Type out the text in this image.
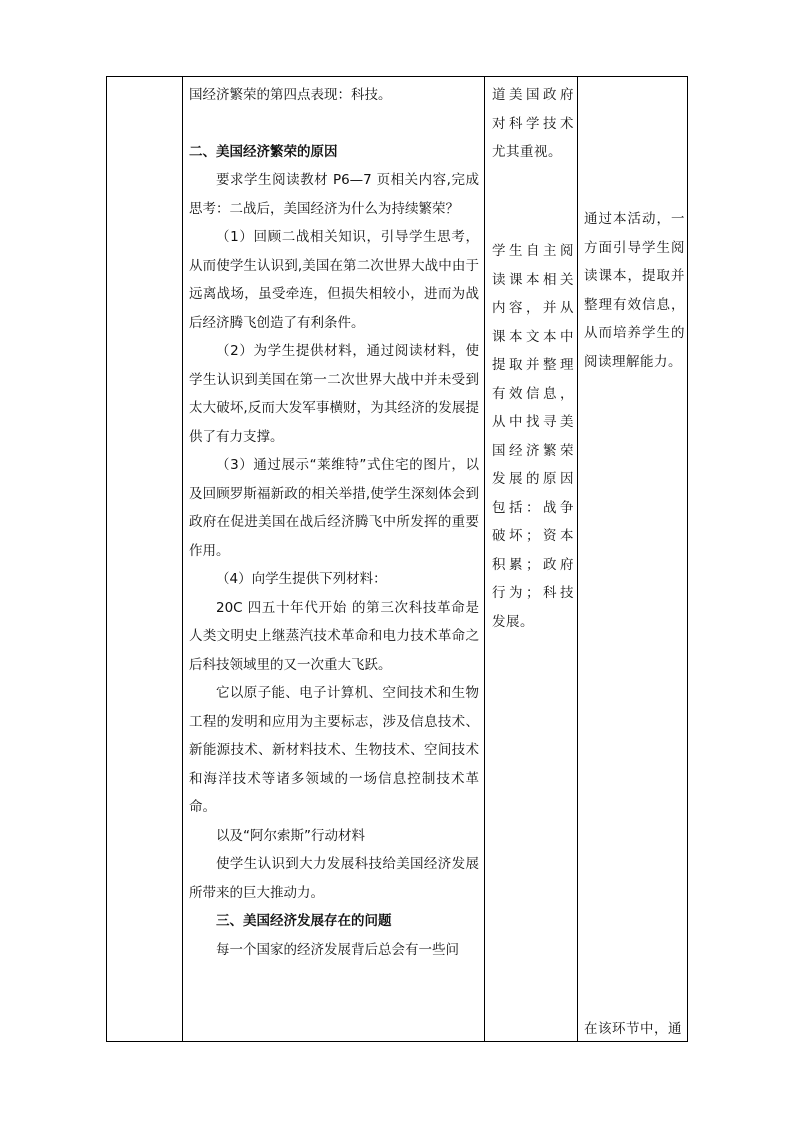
国经济繁荣的第四点表现：科技。

二、美国经济繁荣的原因

要求学生阅读教材 P6—7 页相关内容,完成思考：二战后，美国经济为什么为持续繁荣？

（1）回顾二战相关知识，引导学生思考，从而使学生认识到,美国在第二次世界大战中由于远离战场，虽受牵连，但损失相较小，进而为战后经济腾飞创造了有利条件。

（2）为学生提供材料，通过阅读材料，使学生认识到美国在第一二次世界大战中并未受到太大破坏,反而大发军事横财，为其经济的发展提供了有力支撑。

（3）通过展示“莱维特”式住宅的图片，以及回顾罗斯福新政的相关举措,使学生深刻体会到政府在促进美国在战后经济腾飞中所发挥的重要作用。

（4）向学生提供下列材料：

20C 四五十年代开始 的第三次科技革命是人类文明史上继蒸汽技术革命和电力技术革命之后科技领域里的又一次重大飞跃。

它以原子能、电子计算机、空间技术和生物工程的发明和应用为主要标志，涉及信息技术、新能源技术、新材料技术、生物技术、空间技术和海洋技术等诸多领域的一场信息控制技术革命。

以及“阿尔索斯”行动材料

使学生认识到大力发展科技给美国经济发展所带来的巨大推动力。

三、美国经济发展存在的问题

每一个国家的经济发展背后总会有一些问

道美国政府对科学技术尤其重视。

学生自主阅读课本相关内容，并从课本文本中提取并整理有效信息，从中找寻美国经济繁荣发展的原因包括：战争破坏；资本积累；政府行为；科技发展。

通过本活动，一方面引导学生阅读课本，提取并整理有效信息，从而培养学生的阅读理解能力。

在该环节中，通
